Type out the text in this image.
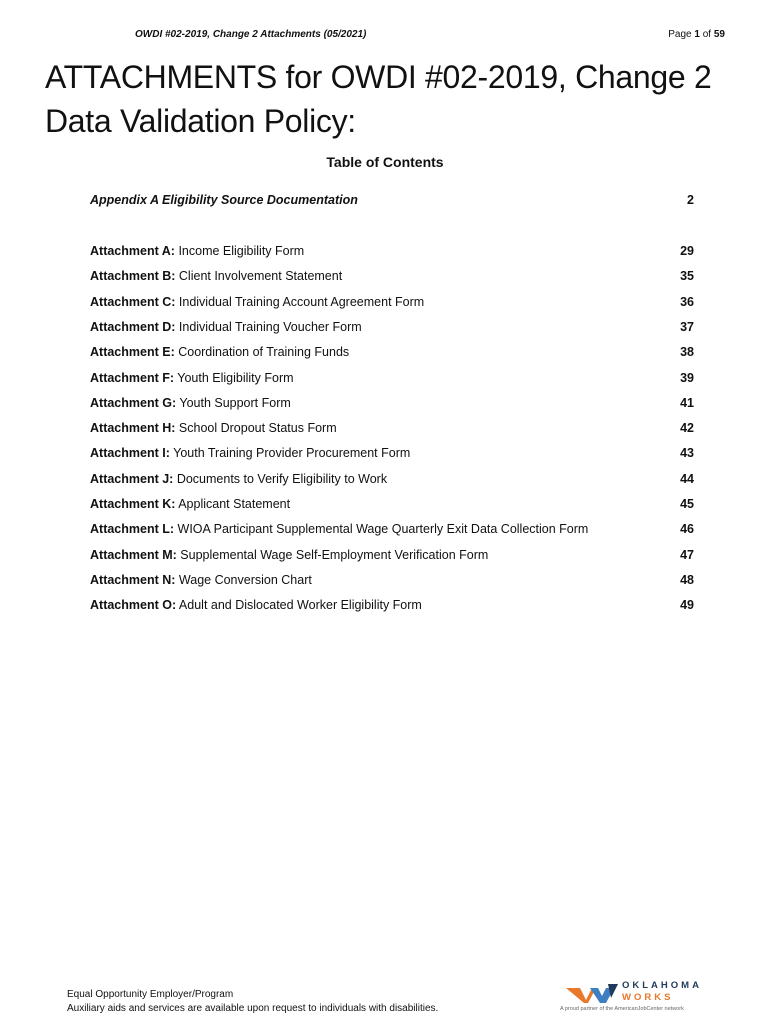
OWDI #02-2019, Change 2 Attachments (05/2021)	Page 1 of 59
ATTACHMENTS for OWDI #02-2019, Change 2
Data Validation Policy:
Table of Contents
Appendix A Eligibility Source Documentation	2
Attachment A: Income Eligibility Form	29
Attachment B: Client Involvement Statement	35
Attachment C: Individual Training Account Agreement Form	36
Attachment D: Individual Training Voucher Form	37
Attachment E: Coordination of Training Funds	38
Attachment F: Youth Eligibility Form	39
Attachment G: Youth Support Form	41
Attachment H: School Dropout Status Form	42
Attachment I: Youth Training Provider Procurement Form	43
Attachment J: Documents to Verify Eligibility to Work	44
Attachment K: Applicant Statement	45
Attachment L: WIOA Participant Supplemental Wage Quarterly Exit Data Collection Form	46
Attachment M: Supplemental Wage Self-Employment Verification Form	47
Attachment N: Wage Conversion Chart	48
Attachment O: Adult and Dislocated Worker Eligibility Form	49
Equal Opportunity Employer/Program
Auxiliary aids and services are available upon request to individuals with disabilities.
OKLAHOMA
WORKS
A proud partner of the AmericanJobCenter network
